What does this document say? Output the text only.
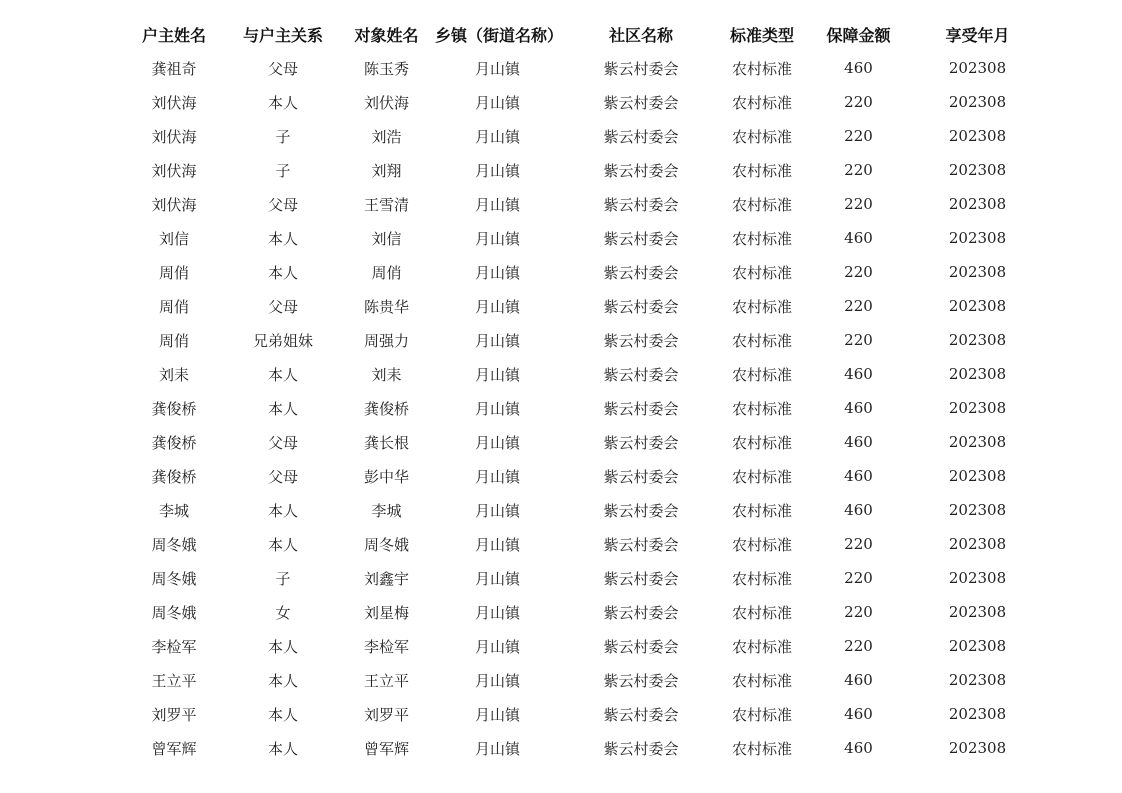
户主姓名	与户主关系	对象姓名	乡镇（街道名称）	社区名称	标准类型	保障金额	享受年月
龚祖奇	父母	陈玉秀	月山镇	紫云村委会	农村标准	460	202308
刘伏海	本人	刘伏海	月山镇	紫云村委会	农村标准	220	202308
刘伏海	子	刘浩	月山镇	紫云村委会	农村标准	220	202308
刘伏海	子	刘翔	月山镇	紫云村委会	农村标准	220	202308
刘伏海	父母	王雪清	月山镇	紫云村委会	农村标准	220	202308
刘信	本人	刘信	月山镇	紫云村委会	农村标准	460	202308
周俏	本人	周俏	月山镇	紫云村委会	农村标准	220	202308
周俏	父母	陈贵华	月山镇	紫云村委会	农村标准	220	202308
周俏	兄弟姐妹	周强力	月山镇	紫云村委会	农村标准	220	202308
刘耒	本人	刘耒	月山镇	紫云村委会	农村标准	460	202308
龚俊桥	本人	龚俊桥	月山镇	紫云村委会	农村标准	460	202308
龚俊桥	父母	龚长根	月山镇	紫云村委会	农村标准	460	202308
龚俊桥	父母	彭中华	月山镇	紫云村委会	农村标准	460	202308
李城	本人	李城	月山镇	紫云村委会	农村标准	460	202308
周冬娥	本人	周冬娥	月山镇	紫云村委会	农村标准	220	202308
周冬娥	子	刘鑫宇	月山镇	紫云村委会	农村标准	220	202308
周冬娥	女	刘星梅	月山镇	紫云村委会	农村标准	220	202308
李检军	本人	李检军	月山镇	紫云村委会	农村标准	220	202308
王立平	本人	王立平	月山镇	紫云村委会	农村标准	460	202308
刘罗平	本人	刘罗平	月山镇	紫云村委会	农村标准	460	202308
曾军辉	本人	曾军辉	月山镇	紫云村委会	农村标准	460	202308
